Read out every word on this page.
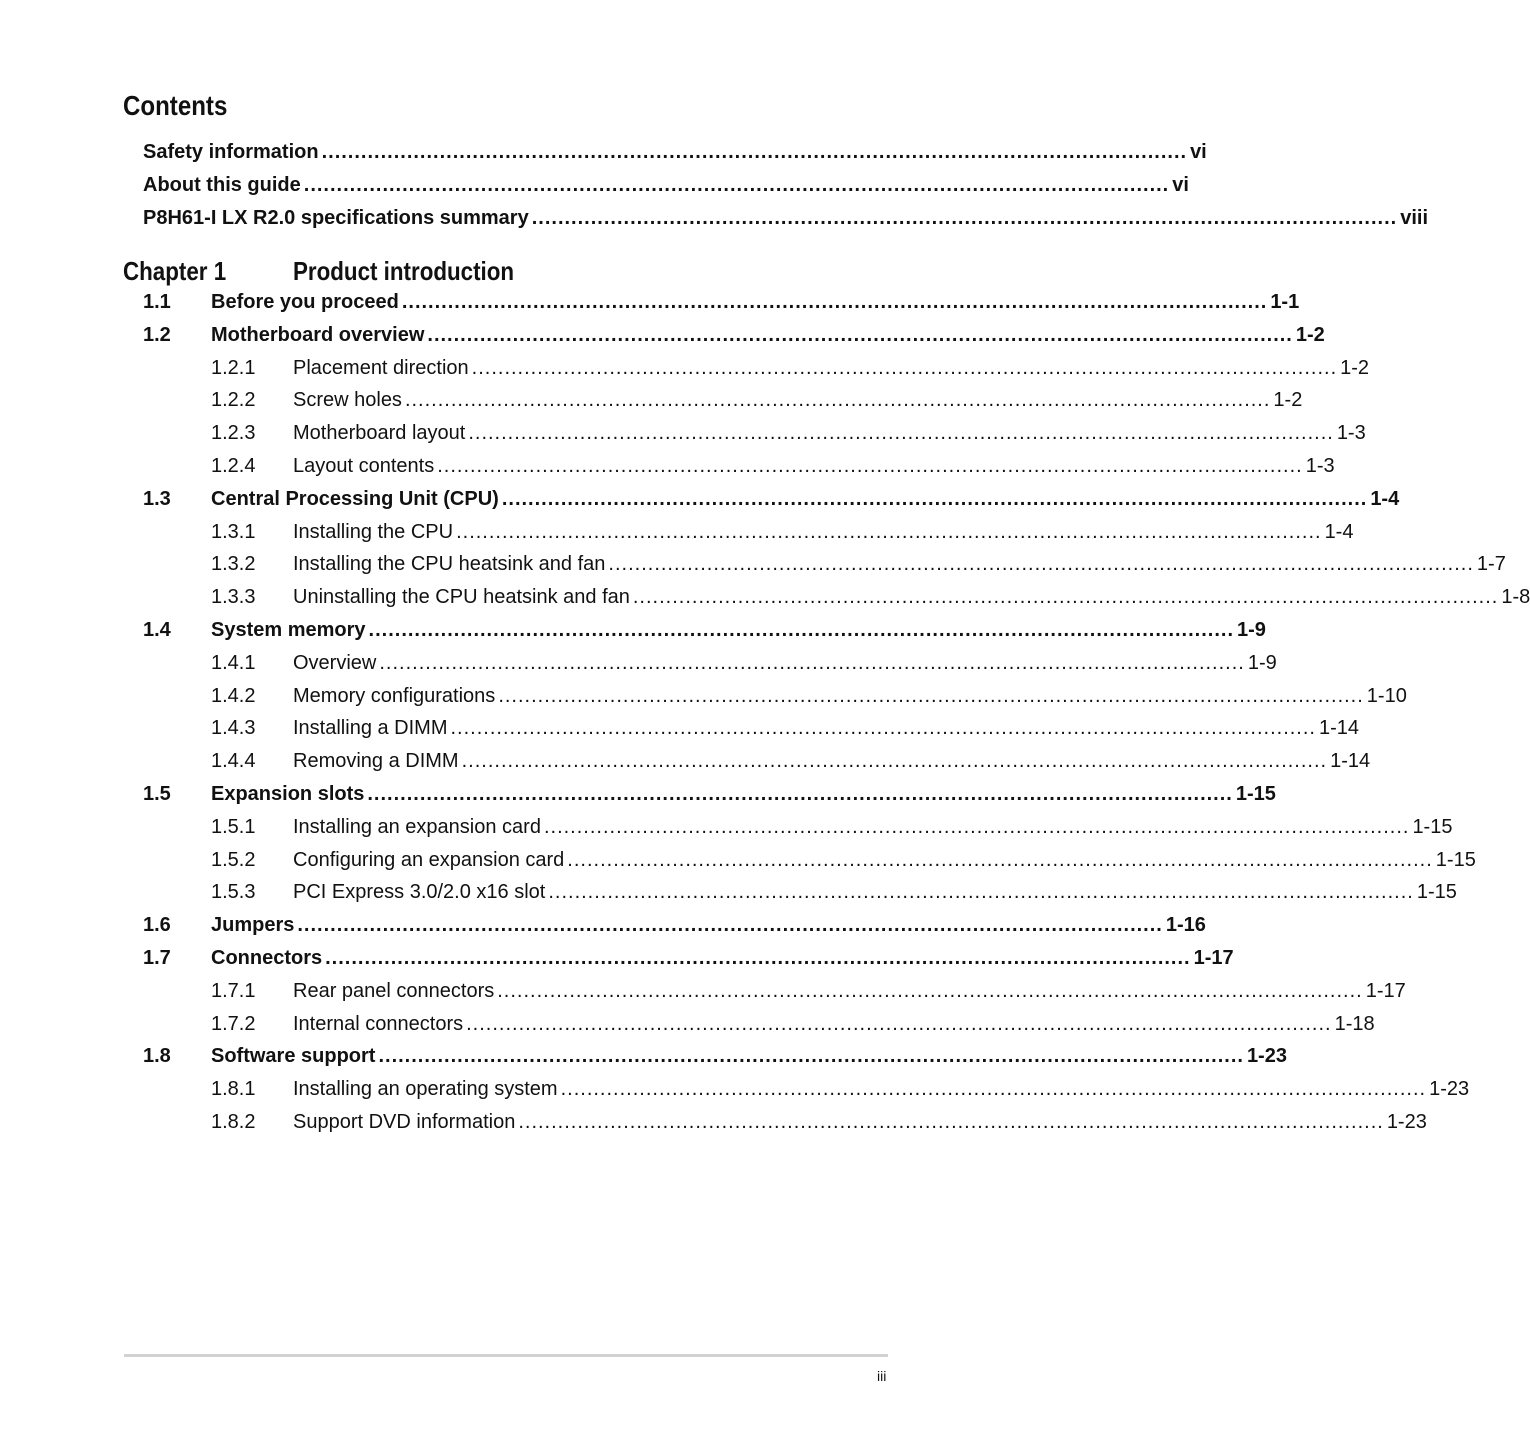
Contents
Safety information .................................................................................................................................... vi
About this guide .................................................................................................................................... vi
P8H61-I LX R2.0 specifications summary .................................................................................................................................... viii
Chapter 1	Product introduction
1.1 Before you proceed .................................................................................................................................... 1-1
1.2 Motherboard overview .................................................................................................................................... 1-2
1.2.1 Placement direction .................................................................................................................................... 1-2
1.2.2 Screw holes .................................................................................................................................... 1-2
1.2.3 Motherboard layout .................................................................................................................................... 1-3
1.2.4 Layout contents .................................................................................................................................... 1-3
1.3 Central Processing Unit (CPU) .................................................................................................................................... 1-4
1.3.1 Installing the CPU .................................................................................................................................... 1-4
1.3.2 Installing the CPU heatsink and fan .................................................................................................................................... 1-7
1.3.3 Uninstalling the CPU heatsink and fan .................................................................................................................................... 1-8
1.4 System memory .................................................................................................................................... 1-9
1.4.1 Overview .................................................................................................................................... 1-9
1.4.2 Memory configurations .................................................................................................................................... 1-10
1.4.3 Installing a DIMM .................................................................................................................................... 1-14
1.4.4 Removing a DIMM .................................................................................................................................... 1-14
1.5 Expansion slots .................................................................................................................................... 1-15
1.5.1 Installing an expansion card .................................................................................................................................... 1-15
1.5.2 Configuring an expansion card .................................................................................................................................... 1-15
1.5.3 PCI Express 3.0/2.0 x16 slot .................................................................................................................................... 1-15
1.6 Jumpers .................................................................................................................................... 1-16
1.7 Connectors .................................................................................................................................... 1-17
1.7.1 Rear panel connectors .................................................................................................................................... 1-17
1.7.2 Internal connectors .................................................................................................................................... 1-18
1.8 Software support .................................................................................................................................... 1-23
1.8.1 Installing an operating system .................................................................................................................................... 1-23
1.8.2 Support DVD information .................................................................................................................................... 1-23
iii
